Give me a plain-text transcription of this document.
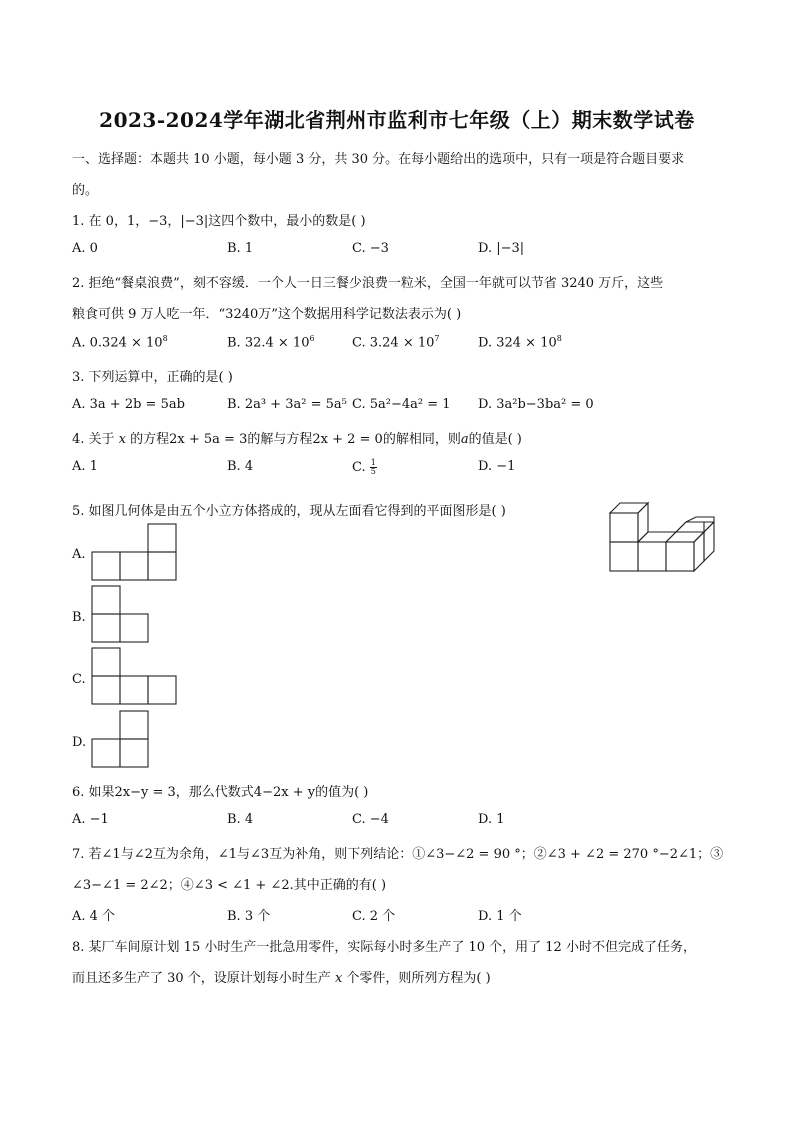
2023-2024学年湖北省荆州市监利市七年级（上）期末数学试卷
一、选择题：本题共 10 小题，每小题 3 分，共 30 分。在每小题给出的选项中，只有一项是符合题目要求
的。
1. 在 0，1，−3，|−3|这四个数中，最小的数是( )
A. 0	B. 1	C. −3	D. |−3|
2. 拒绝“餐桌浪费”，刻不容缓．一个人一日三餐少浪费一粒米，全国一年就可以节省 3240 万斤，这些
粮食可供 9 万人吃一年．“3240万”这个数据用科学记数法表示为( )
A. $0.324 \times 10^8$	B. $32.4 \times 10^6$	C. $3.24 \times 10^7$	D. $324 \times 10^8$
3. 下列运算中，正确的是( )
A. 3a + 2b = 5ab	B. 2a³ + 3a² = 5a⁵ C. 5a²−4a² = 1 D. 3a²b−3ba² = 0
4. 关于 x 的方程2x + 5a = 3的解与方程2x + 2 = 0的解相同，则a的值是( )
A. 1	B. 4	C. $\frac{1}{5}$	D. −1
5. 如图几何体是由五个小立方体搭成的，现从左面看它得到的平面图形是( )
A.
B.
C.
D.
6. 如果2x−y = 3，那么代数式4−2x + y的值为( )
A. −1	B. 4	C. −4	D. 1
7. 若∠1与∠2互为余角，∠1与∠3互为补角，则下列结论：①∠3−∠2 = 90 °；②∠3 + ∠2 = 270 °−2∠1；③
∠3−∠1 = 2∠2；④∠3 < ∠1 + ∠2.其中正确的有( )
A. 4 个	B. 3 个	C. 2 个	D. 1 个
8. 某厂车间原计划 15 小时生产一批急用零件，实际每小时多生产了 10 个，用了 12 小时不但完成了任务，
而且还多生产了 30 个，设原计划每小时生产 x 个零件，则所列方程为( )
